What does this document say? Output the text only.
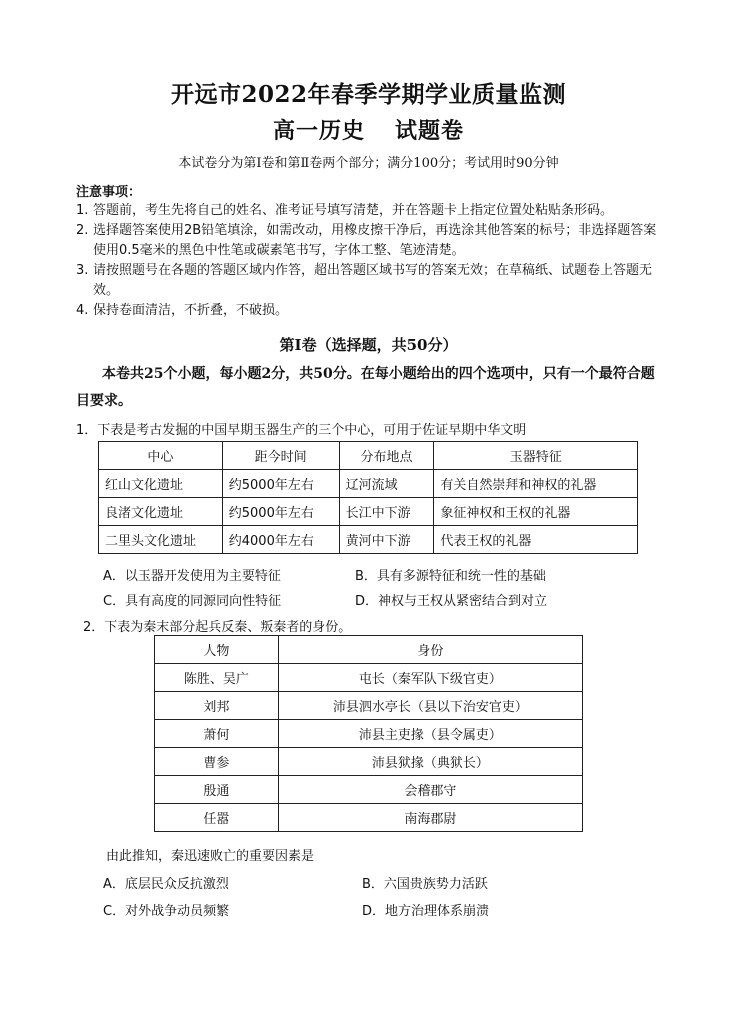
开远市2022年春季学期学业质量监测
高一历史 试题卷
本试卷分为第Ⅰ卷和第Ⅱ卷两个部分；满分100分；考试用时90分钟
注意事项：
1. 答题前，考生先将自己的姓名、准考证号填写清楚，并在答题卡上指定位置处粘贴条形码。
2. 选择题答案使用2B铅笔填涂，如需改动，用橡皮擦干净后，再选涂其他答案的标号；非选择题答案使用0.5毫米的黑色中性笔或碳素笔书写，字体工整、笔迹清楚。
3. 请按照题号在各题的答题区域内作答，超出答题区域书写的答案无效；在草稿纸、试题卷上答题无效。
4. 保持卷面清洁，不折叠，不破损。
第Ⅰ卷（选择题，共50分）
本卷共25个小题，每小题2分，共50分。在每小题给出的四个选项中，只有一个最符合题目要求。
1．下表是考古发掘的中国早期玉器生产的三个中心，可用于佐证早期中华文明
中心	距今时间	分布地点	玉器特征
红山文化遗址	约5000年左右	辽河流域	有关自然崇拜和神权的礼器
良渚文化遗址	约5000年左右	长江中下游	象征神权和王权的礼器
二里头文化遗址	约4000年左右	黄河中下游	代表王权的礼器
A．以玉器开发使用为主要特征	B．具有多源特征和统一性的基础
C．具有高度的同源同向性特征	D．神权与王权从紧密结合到对立
2．下表为秦末部分起兵反秦、叛秦者的身份。
人物	身份
陈胜、吴广	屯长（秦军队下级官吏）
刘邦	沛县泗水亭长（县以下治安官吏）
萧何	沛县主吏掾（县令属吏）
曹参	沛县狱掾（典狱长）
殷通	会稽郡守
任嚣	南海郡尉
由此推知，秦迅速败亡的重要因素是
A．底层民众反抗激烈	B．六国贵族势力活跃
C．对外战争动员频繁	D．地方治理体系崩溃
